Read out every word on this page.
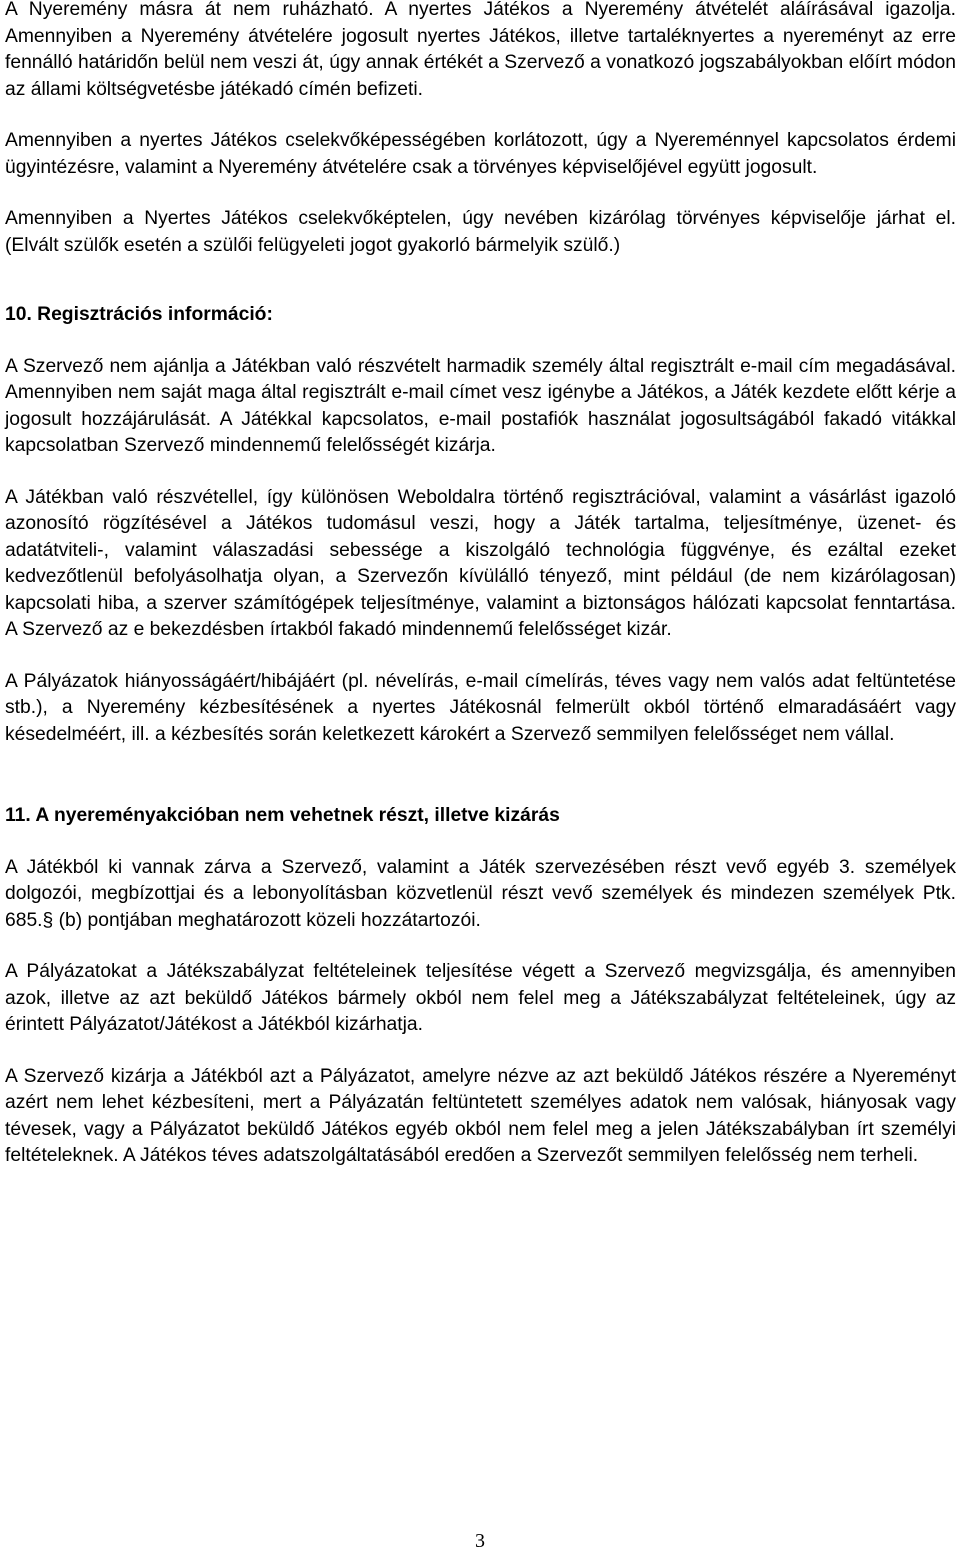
A Nyeremény másra át nem ruházható. A nyertes Játékos a Nyeremény átvételét aláírásával igazolja. Amennyiben a Nyeremény átvételére jogosult nyertes Játékos, illetve tartaléknyertes a nyereményt az erre fennálló határidőn belül nem veszi át, úgy annak értékét a Szervező a vonatkozó jogszabályokban előírt módon az állami költségvetésbe játékadó címén befizeti.

Amennyiben a nyertes Játékos cselekvőképességében korlátozott, úgy a Nyereménnyel kapcsolatos érdemi ügyintézésre, valamint a Nyeremény átvételére csak a törvényes képviselőjével együtt jogosult.

Amennyiben a Nyertes Játékos cselekvőképtelen, úgy nevében kizárólag törvényes képviselője járhat el. (Elvált szülők esetén a szülői felügyeleti jogot gyakorló bármelyik szülő.)

10. Regisztrációs információ:

A Szervező nem ajánlja a Játékban való részvételt harmadik személy által regisztrált e-mail cím megadásával. Amennyiben nem saját maga által regisztrált e-mail címet vesz igénybe a Játékos, a Játék kezdete előtt kérje a jogosult hozzájárulását. A Játékkal kapcsolatos, e-mail postafiók használat jogosultságából fakadó vitákkal kapcsolatban Szervező mindennemű felelősségét kizárja.

A Játékban való részvétellel, így különösen Weboldalra történő regisztrációval, valamint a vásárlást igazoló azonosító rögzítésével a Játékos tudomásul veszi, hogy a Játék tartalma, teljesítménye, üzenet- és adatátviteli-, valamint válaszadási sebessége a kiszolgáló technológia függvénye, és ezáltal ezeket kedvezőtlenül befolyásolhatja olyan, a Szervezőn kívülálló tényező, mint például (de nem kizárólagosan) kapcsolati hiba, a szerver számítógépek teljesítménye, valamint a biztonságos hálózati kapcsolat fenntartása. A Szervező az e bekezdésben írtakból fakadó mindennemű felelősséget kizár.

A Pályázatok hiányosságáért/hibájáért (pl. névelírás, e-mail címelírás, téves vagy nem valós adat feltüntetése stb.), a Nyeremény kézbesítésének a nyertes Játékosnál felmerült okból történő elmaradásáért vagy késedelméért, ill. a kézbesítés során keletkezett károkért a Szervező semmilyen felelősséget nem vállal.

11. A nyereményakcióban nem vehetnek részt, illetve kizárás

A Játékból ki vannak zárva a Szervező, valamint a Játék szervezésében részt vevő egyéb 3. személyek dolgozói, megbízottjai és a lebonyolításban közvetlenül részt vevő személyek és mindezen személyek Ptk. 685.§ (b) pontjában meghatározott közeli hozzátartozói.

A Pályázatokat a Játékszabályzat feltételeinek teljesítése végett a Szervező megvizsgálja, és amennyiben azok, illetve az azt beküldő Játékos bármely okból nem felel meg a Játékszabályzat feltételeinek, úgy az érintett Pályázatot/Játékost a Játékból kizárhatja.

A Szervező kizárja a Játékból azt a Pályázatot, amelyre nézve az azt beküldő Játékos részére a Nyereményt azért nem lehet kézbesíteni, mert a Pályázatán feltüntetett személyes adatok nem valósak, hiányosak vagy tévesek, vagy a Pályázatot beküldő Játékos egyéb okból nem felel meg a jelen Játékszabályban írt személyi feltételeknek. A Játékos téves adatszolgáltatásából eredően a Szervezőt semmilyen felelősség nem terheli.

3
